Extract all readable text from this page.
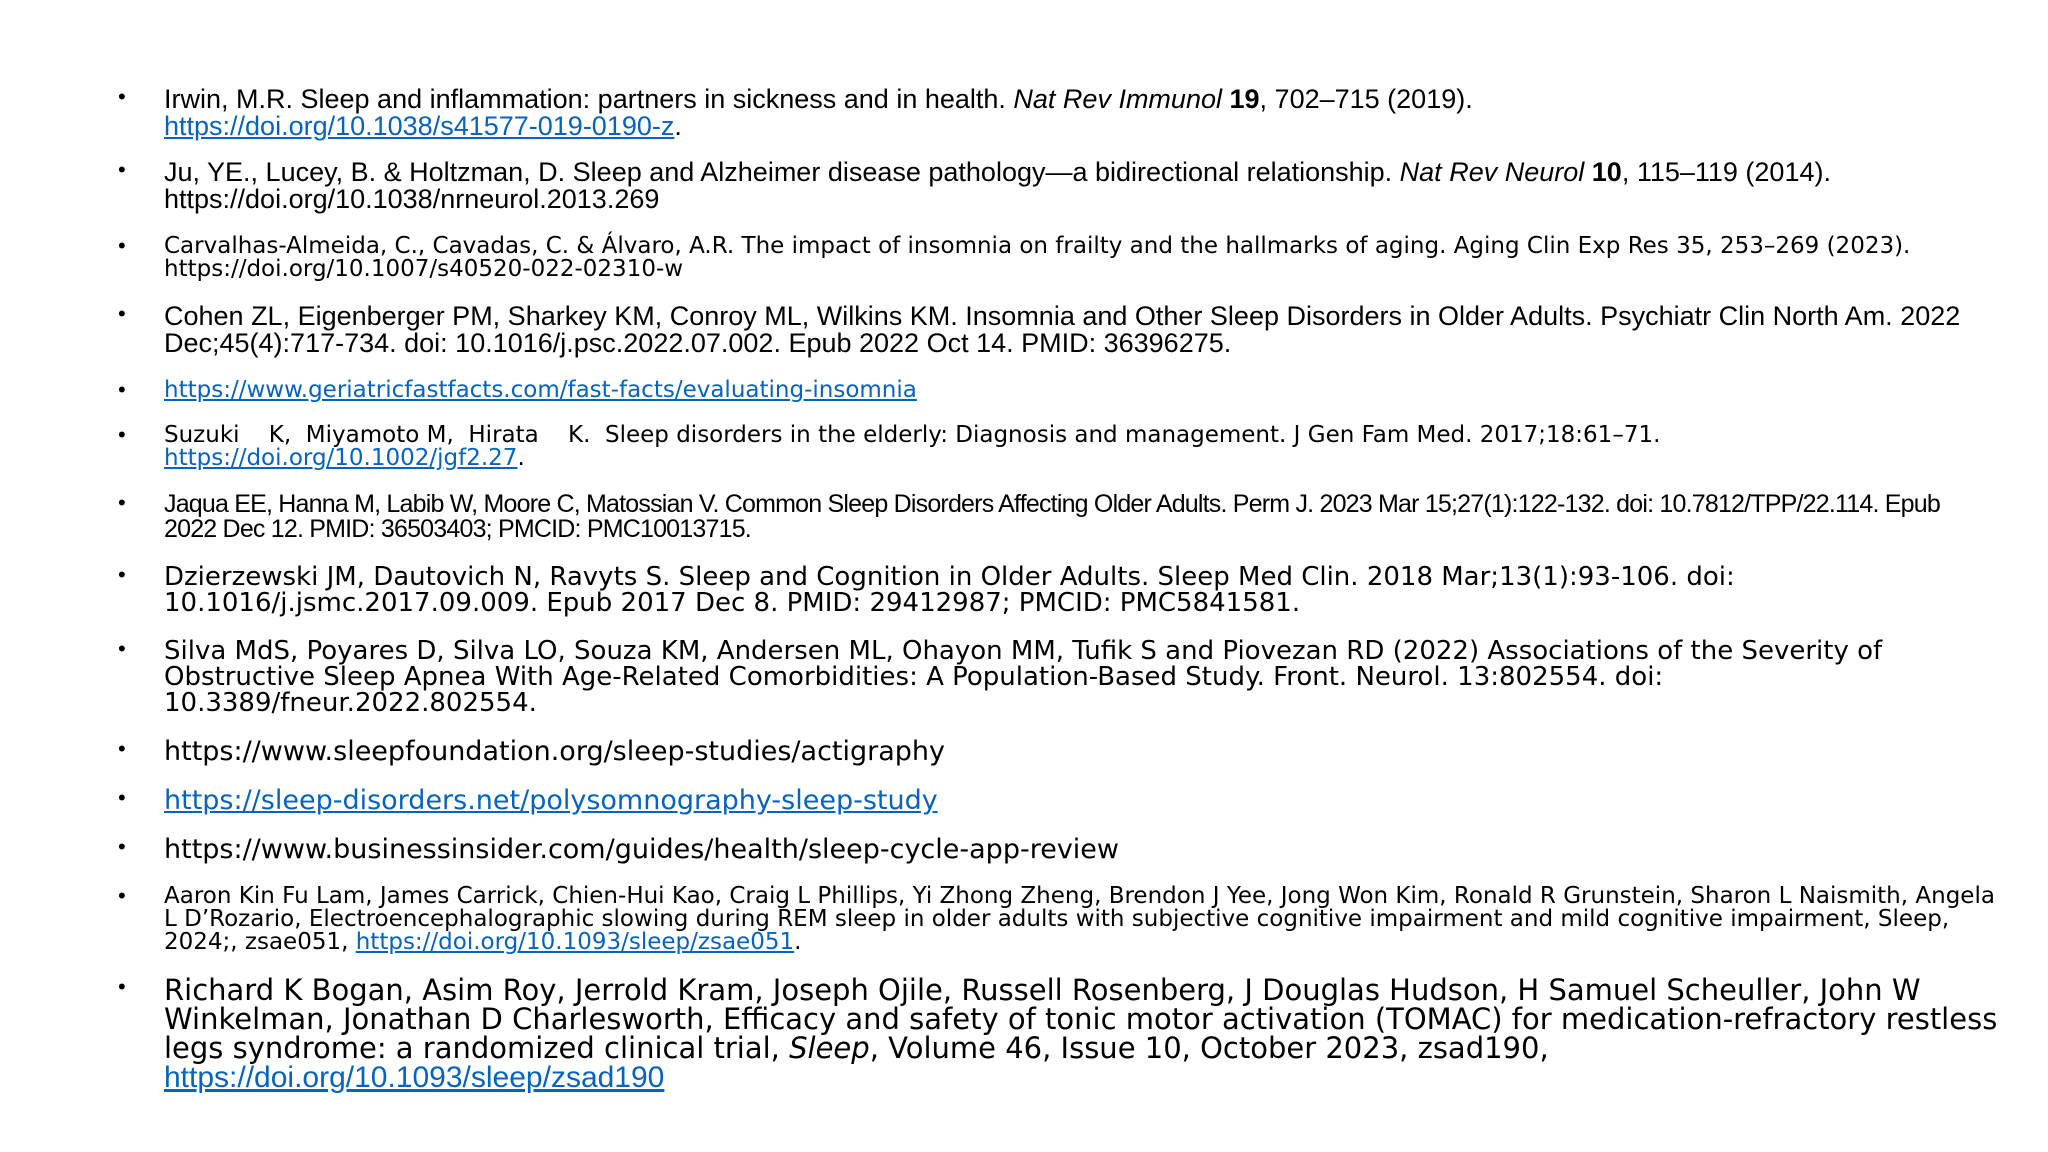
• Irwin, M.R. Sleep and inflammation: partners in sickness and in health. Nat Rev Immunol 19, 702–715 (2019).
https://doi.org/10.1038/s41577-019-0190-z.
• Ju, YE., Lucey, B. & Holtzman, D. Sleep and Alzheimer disease pathology—a bidirectional relationship. Nat Rev Neurol 10, 115–119 (2014).
https://doi.org/10.1038/nrneurol.2013.269
• Carvalhas-Almeida, C., Cavadas, C. & Álvaro, A.R. The impact of insomnia on frailty and the hallmarks of aging. Aging Clin Exp Res 35, 253–269 (2023).
https://doi.org/10.1007/s40520-022-02310-w
• Cohen ZL, Eigenberger PM, Sharkey KM, Conroy ML, Wilkins KM. Insomnia and Other Sleep Disorders in Older Adults. Psychiatr Clin North Am. 2022 Dec;45(4):717-734. doi: 10.1016/j.psc.2022.07.002. Epub 2022 Oct 14. PMID: 36396275.
• https://www.geriatricfastfacts.com/fast-facts/evaluating-insomnia
• Suzuki    K,  Miyamoto M,  Hirata    K.  Sleep disorders in the elderly: Diagnosis and management. J Gen Fam Med. 2017;18:61–71.
https://doi.org/10.1002/jgf2.27.
• Jaqua EE, Hanna M, Labib W, Moore C, Matossian V. Common Sleep Disorders Affecting Older Adults. Perm J. 2023 Mar 15;27(1):122-132. doi: 10.7812/TPP/22.114. Epub 2022 Dec 12. PMID: 36503403; PMCID: PMC10013715.
• Dzierzewski JM, Dautovich N, Ravyts S. Sleep and Cognition in Older Adults. Sleep Med Clin. 2018 Mar;13(1):93-106. doi: 10.1016/j.jsmc.2017.09.009. Epub 2017 Dec 8. PMID: 29412987; PMCID: PMC5841581.
• Silva MdS, Poyares D, Silva LO, Souza KM, Andersen ML, Ohayon MM, Tufik S and Piovezan RD (2022) Associations of the Severity of Obstructive Sleep Apnea With Age-Related Comorbidities: A Population-Based Study. Front. Neurol. 13:802554. doi: 10.3389/fneur.2022.802554.
• https://www.sleepfoundation.org/sleep-studies/actigraphy
• https://sleep-disorders.net/polysomnography-sleep-study
• https://www.businessinsider.com/guides/health/sleep-cycle-app-review
• Aaron Kin Fu Lam, James Carrick, Chien-Hui Kao, Craig L Phillips, Yi Zhong Zheng, Brendon J Yee, Jong Won Kim, Ronald R Grunstein, Sharon L Naismith, Angela L D’Rozario, Electroencephalographic slowing during REM sleep in older adults with subjective cognitive impairment and mild cognitive impairment, Sleep, 2024;, zsae051, https://doi.org/10.1093/sleep/zsae051.
• Richard K Bogan, Asim Roy, Jerrold Kram, Joseph Ojile, Russell Rosenberg, J Douglas Hudson, H Samuel Scheuller, John W Winkelman, Jonathan D Charlesworth, Efficacy and safety of tonic motor activation (TOMAC) for medication-refractory restless legs syndrome: a randomized clinical trial, Sleep, Volume 46, Issue 10, October 2023, zsad190, https://doi.org/10.1093/sleep/zsad190
